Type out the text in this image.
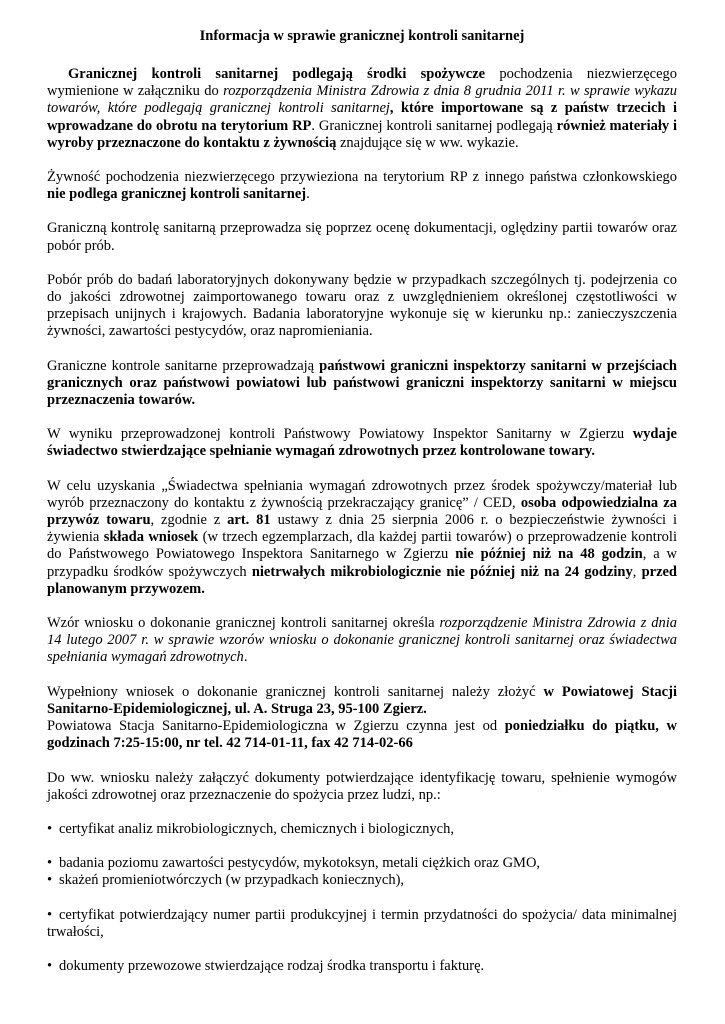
Informacja w sprawie granicznej kontroli sanitarnej

Granicznej kontroli sanitarnej podlegają środki spożywcze pochodzenia niezwierzęcego wymienione w załączniku do rozporządzenia Ministra Zdrowia z dnia 8 grudnia 2011 r. w sprawie wykazu towarów, które podlegają granicznej kontroli sanitarnej, które importowane są z państw trzecich i wprowadzane do obrotu na terytorium RP. Granicznej kontroli sanitarnej podlegają również materiały i wyroby przeznaczone do kontaktu z żywnością znajdujące się w ww. wykazie.

Żywność pochodzenia niezwierzęcego przywieziona na terytorium RP z innego państwa członkowskiego nie podlega granicznej kontroli sanitarnej.

Graniczną kontrolę sanitarną przeprowadza się poprzez ocenę dokumentacji, oględziny partii towarów oraz pobór prób.

Pobór prób do badań laboratoryjnych dokonywany będzie w przypadkach szczególnych tj. podejrzenia co do jakości zdrowotnej zaimportowanego towaru oraz z uwzględnieniem określonej częstotliwości w przepisach unijnych i krajowych. Badania laboratoryjne wykonuje się w kierunku np.: zanieczyszczenia żywności, zawartości pestycydów, oraz napromieniania.

Graniczne kontrole sanitarne przeprowadzają państwowi graniczni inspektorzy sanitarni w przejściach granicznych oraz państwowi powiatowi lub państwowi graniczni inspektorzy sanitarni w miejscu przeznaczenia towarów.

W wyniku przeprowadzonej kontroli Państwowy Powiatowy Inspektor Sanitarny w Zgierzu wydaje świadectwo stwierdzające spełnianie wymagań zdrowotnych przez kontrolowane towary.

W celu uzyskania „Świadectwa spełniania wymagań zdrowotnych przez środek spożywczy/materiał lub wyrób przeznaczony do kontaktu z żywnością przekraczający granicę” / CED, osoba odpowiedzialna za przywóz towaru, zgodnie z art. 81 ustawy z dnia 25 sierpnia 2006 r. o bezpieczeństwie żywności i żywienia składa wniosek (w trzech egzemplarzach, dla każdej partii towarów) o przeprowadzenie kontroli do Państwowego Powiatowego Inspektora Sanitarnego w Zgierzu nie później niż na 48 godzin, a w przypadku środków spożywczych nietrwałych mikrobiologicznie nie później niż na 24 godziny, przed planowanym przywozem.

Wzór wniosku o dokonanie granicznej kontroli sanitarnej określa rozporządzenie Ministra Zdrowia z dnia 14 lutego 2007 r. w sprawie wzorów wniosku o dokonanie granicznej kontroli sanitarnej oraz świadectwa spełniania wymagań zdrowotnych.

Wypełniony wniosek o dokonanie granicznej kontroli sanitarnej należy złożyć w Powiatowej Stacji Sanitarno-Epidemiologicznej, ul. A. Struga 23, 95-100 Zgierz.
Powiatowa Stacja Sanitarno-Epidemiologiczna w Zgierzu czynna jest od poniedziałku do piątku, w godzinach 7:25-15:00, nr tel. 42 714-01-11, fax 42 714-02-66

Do ww. wniosku należy załączyć dokumenty potwierdzające identyfikację towaru, spełnienie wymogów jakości zdrowotnej oraz przeznaczenie do spożycia przez ludzi, np.:

• certyfikat analiz mikrobiologicznych, chemicznych i biologicznych,
• badania poziomu zawartości pestycydów, mykotoksyn, metali ciężkich oraz GMO,
• skażeń promieniotwórczych (w przypadkach koniecznych),
• certyfikat potwierdzający numer partii produkcyjnej i termin przydatności do spożycia/ data minimalnej trwałości,
• dokumenty przewozowe stwierdzające rodzaj środka transportu i fakturę.
